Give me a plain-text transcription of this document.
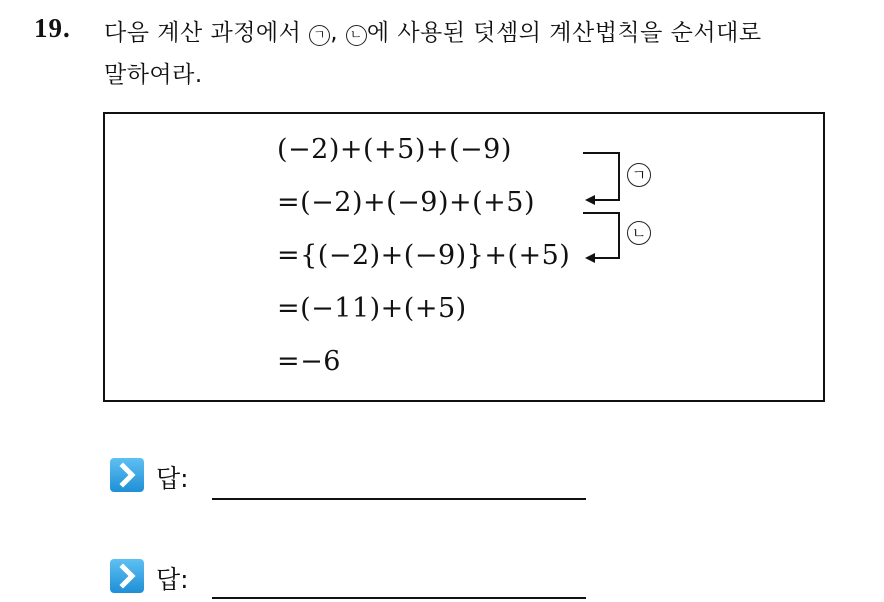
19. 다음 계산 과정에서 ㄱ , ㄴ 에 사용된 덧셈의 계산법칙을 순서대로
말하여라.
(−2)+(+5)+(−9)
=(−2)+(−9)+(+5)
={(−2)+(−9)}+(+5)
=(−11)+(+5)
=−6
ㄱ
ㄴ
답:
답:
